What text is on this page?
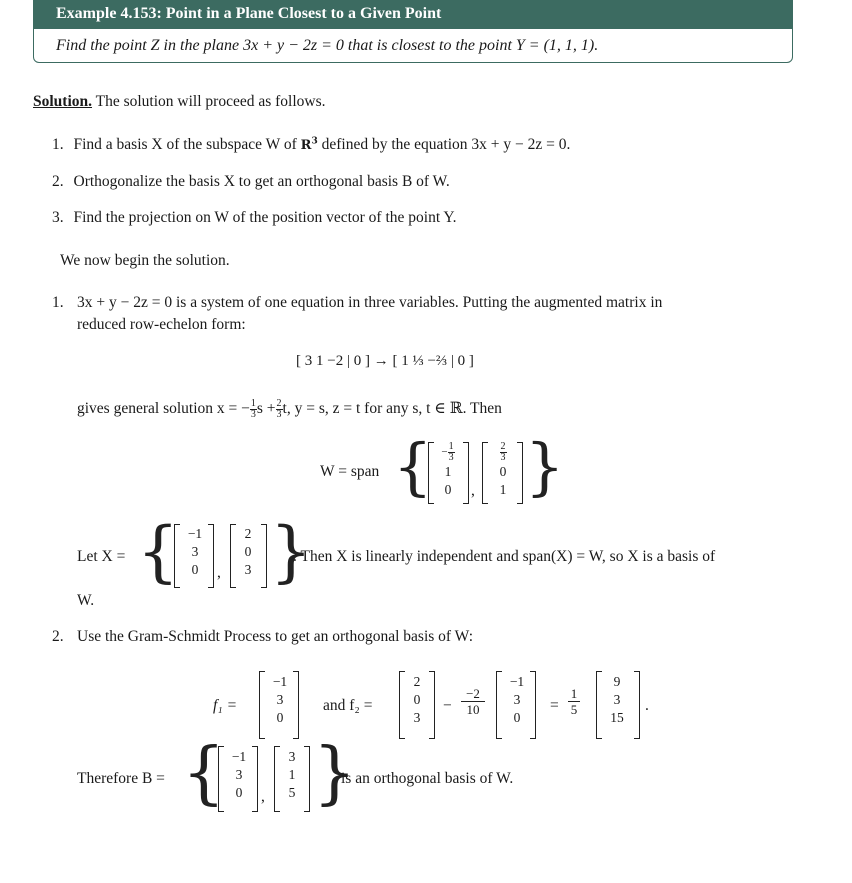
Example 4.153: Point in a Plane Closest to a Given Point
Find the point Z in the plane 3x + y − 2z = 0 that is closest to the point Y = (1, 1, 1).
Solution. The solution will proceed as follows.
1. Find a basis X of the subspace W of $R^3$ defined by the equation 3x + y − 2z = 0.
2. Orthogonalize the basis X to get an orthogonal basis B of W.
3. Find the projection on W of the position vector of the point Y.
We now begin the solution.
1. 3x + y − 2z = 0 is a system of one equation in three variables. Putting the augmented matrix in
reduced row-echelon form:
[ 3 1 −2 | 0 ] → [ 1 ⅓ −⅔ | 0 ]
gives general solution x = − $\frac{1}{3}$ $s + \frac{2}{3} t$, y = s, z = t for any s, t ∈ ℝ. Then
W = span { − $\frac{1}{3}$
1
0	,
$\frac{2}{3}$
0
1 }
Let X = { −1
3
0	,
2
0
3 }
. Then X is linearly independent and span(X) = W, so X is a basis of
W.
2. Use the Gram-Schmidt Process to get an orthogonal basis of W:
f₁ =
−1
3
0
and f₂ =
2
0
3
−
−2
10
−1
3
0
=
1
5
9
3
15
.
Therefore B = { −1
3
0	,
3
1
5 }
is an orthogonal basis of W.
